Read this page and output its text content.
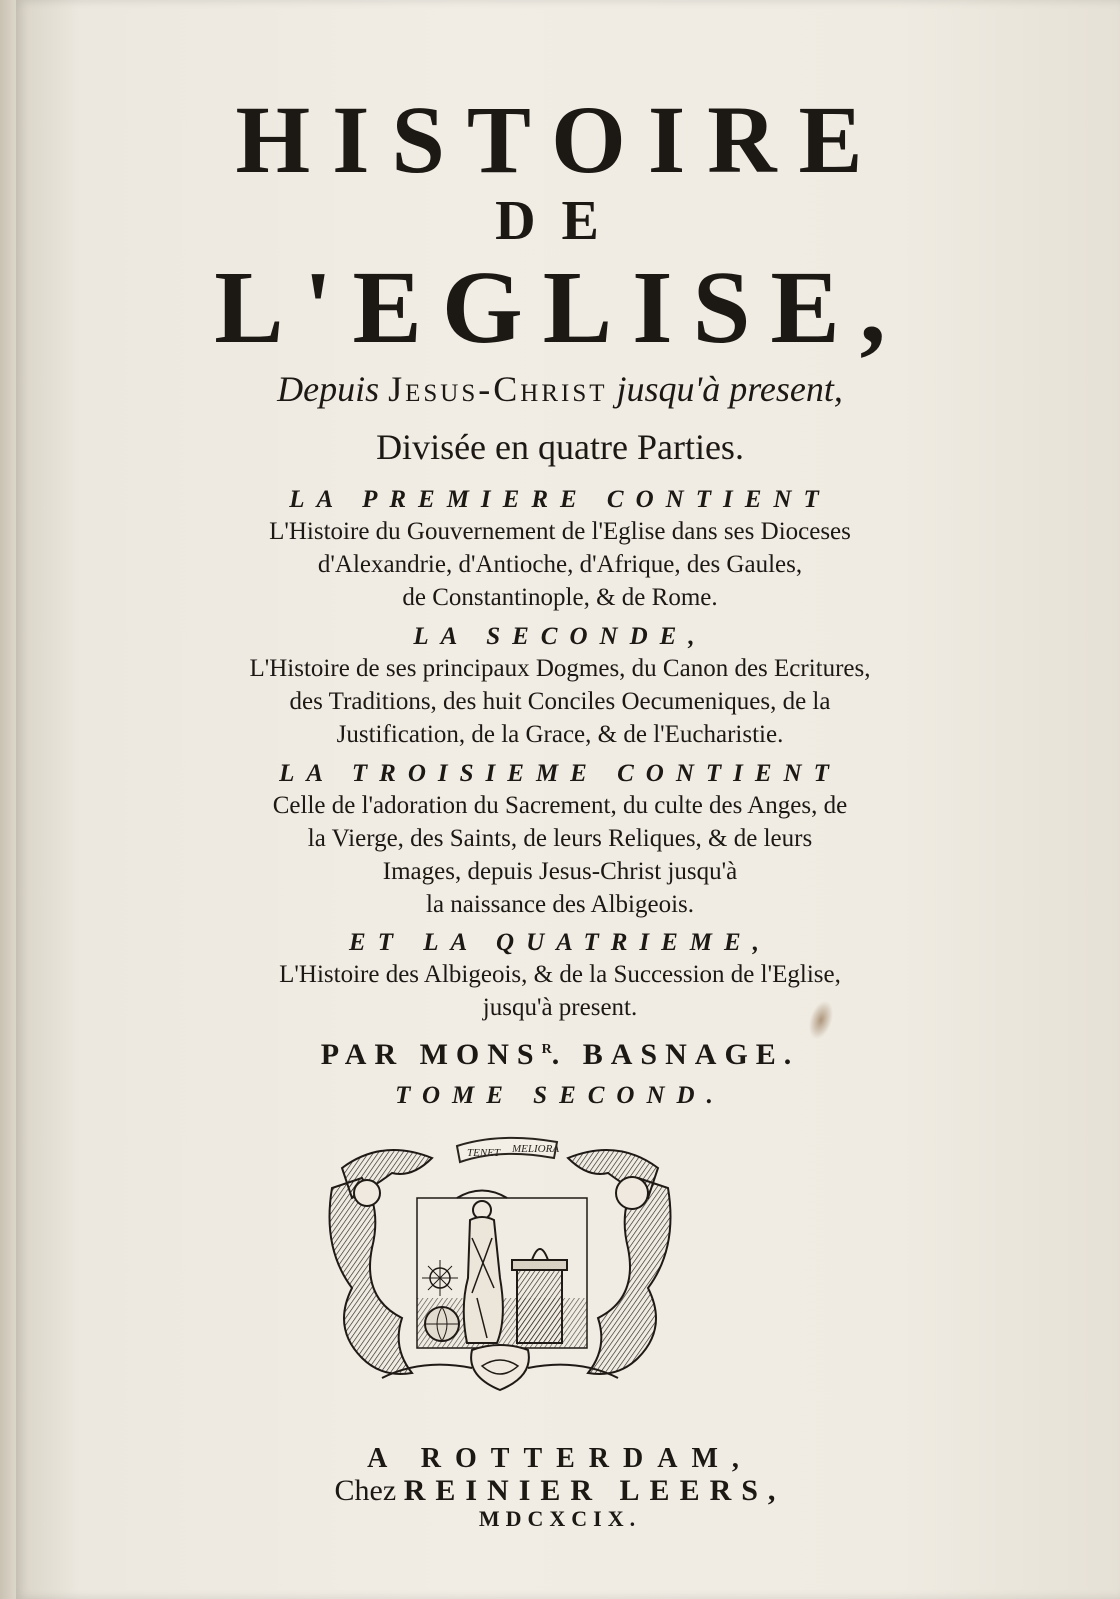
HISTOIRE
DE
L'EGLISE,
Depuis Jesus-Christ jusqu'à present,
Divisée en quatre Parties.
LA PREMIERE CONTIENT
L'Histoire du Gouvernement de l'Eglise dans ses Dioceses
d'Alexandrie, d'Antioche, d'Afrique, des Gaules,
de Constantinople, & de Rome.
LA SECONDE,
L'Histoire de ses principaux Dogmes, du Canon des Ecritures,
des Traditions, des huit Conciles Oecumeniques, de la
Justification, de la Grace, & de l'Eucharistie.
LA TROISIEME CONTIENT
Celle de l'adoration du Sacrement, du culte des Anges, de
la Vierge, des Saints, de leurs Reliques, & de leurs
Images, depuis Jesus-Christ jusqu'à
la naissance des Albigeois.
ET LA QUATRIEME,
L'Histoire des Albigeois, & de la Succession de l'Eglise,
jusqu'à present.
PAR $MONS^R$. BASNAGE.
TOME SECOND.
TENET MELIORA
A ROTTERDAM,
Chez REINIER LEERS,
MDCXCIX.
